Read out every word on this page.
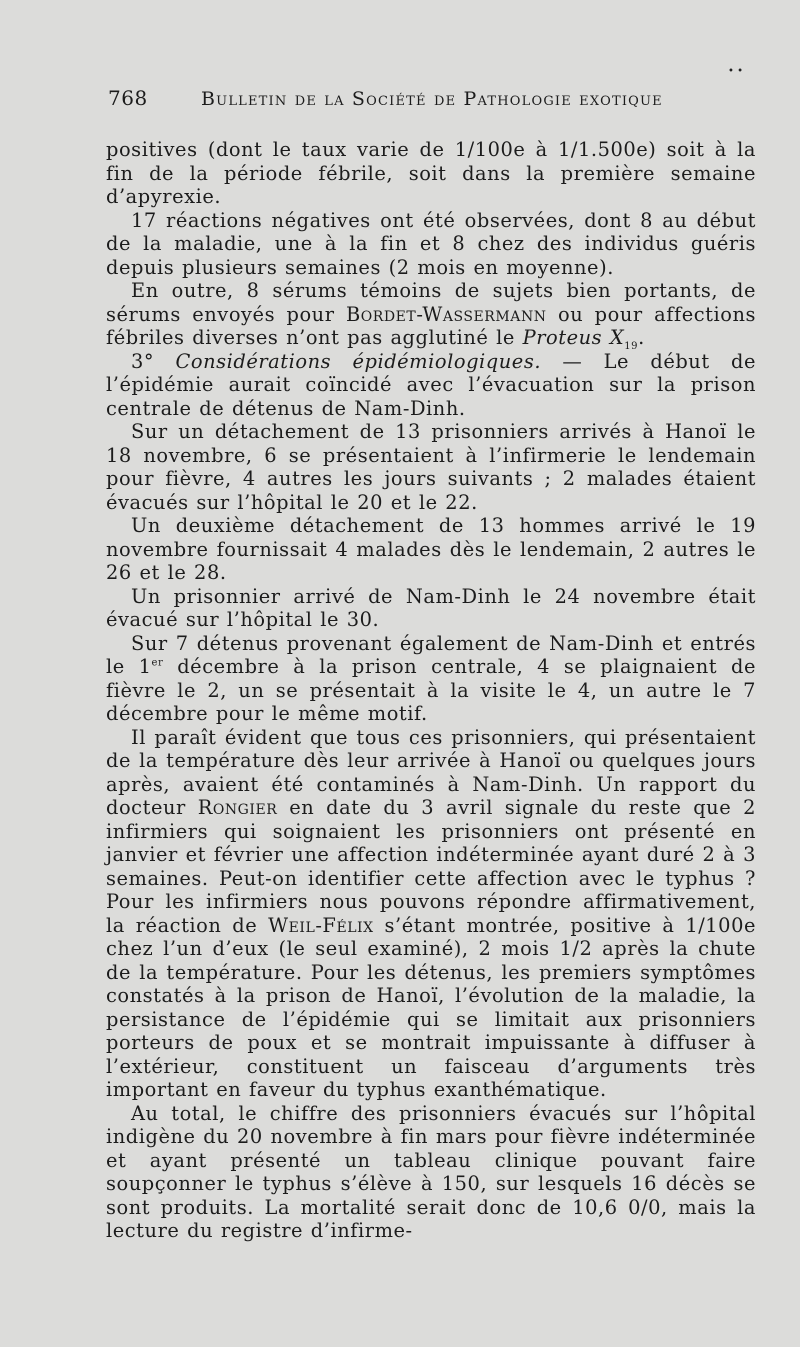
768	Bulletin de la Société de Pathologie exotique
• •

positives (dont le taux varie de 1/100e à 1/1.500e) soit à la fin de la période fébrile, soit dans la première semaine d’apyrexie.

17 réactions négatives ont été observées, dont 8 au début de la maladie, une à la fin et 8 chez des individus guéris depuis plusieurs semaines (2 mois en moyenne).

En outre, 8 sérums témoins de sujets bien portants, de sérums envoyés pour Bordet-Wassermann ou pour affections fébriles diverses n’ont pas agglutiné le Proteus $X_{19}$.

3° Considérations épidémiologiques. — Le début de l’épidémie aurait coïncidé avec l’évacuation sur la prison centrale de détenus de Nam-Dinh.

Sur un détachement de 13 prisonniers arrivés à Hanoï le 18 novembre, 6 se présentaient à l’infirmerie le lendemain pour fièvre, 4 autres les jours suivants ; 2 malades étaient évacués sur l’hôpital le 20 et le 22.

Un deuxième détachement de 13 hommes arrivé le 19 novembre fournissait 4 malades dès le lendemain, 2 autres le 26 et le 28.

Un prisonnier arrivé de Nam-Dinh le 24 novembre était évacué sur l’hôpital le 30.

Sur 7 détenus provenant également de Nam-Dinh et entrés le 1er décembre à la prison centrale, 4 se plaignaient de fièvre le 2, un se présentait à la visite le 4, un autre le 7 décembre pour le même motif.

Il paraît évident que tous ces prisonniers, qui présentaient de la température dès leur arrivée à Hanoï ou quelques jours après, avaient été contaminés à Nam-Dinh. Un rapport du docteur Rongier en date du 3 avril signale du reste que 2 infirmiers qui soignaient les prisonniers ont présenté en janvier et février une affection indéterminée ayant duré 2 à 3 semaines. Peut-on identifier cette affection avec le typhus ? Pour les infirmiers nous pouvons répondre affirmativement, la réaction de Weil-Félix s’étant montrée, positive à 1/100e chez l’un d’eux (le seul examiné), 2 mois 1/2 après la chute de la température. Pour les détenus, les premiers symptômes constatés à la prison de Hanoï, l’évolution de la maladie, la persistance de l’épidémie qui se limitait aux prisonniers porteurs de poux et se montrait impuissante à diffuser à l’extérieur, constituent un faisceau d’arguments très important en faveur du typhus exanthématique.

Au total, le chiffre des prisonniers évacués sur l’hôpital indigène du 20 novembre à fin mars pour fièvre indéterminée et ayant présenté un tableau clinique pouvant faire soupçonner le typhus s’élève à 150, sur lesquels 16 décès se sont produits. La mortalité serait donc de 10,6 0/0, mais la lecture du registre d’infirme-
